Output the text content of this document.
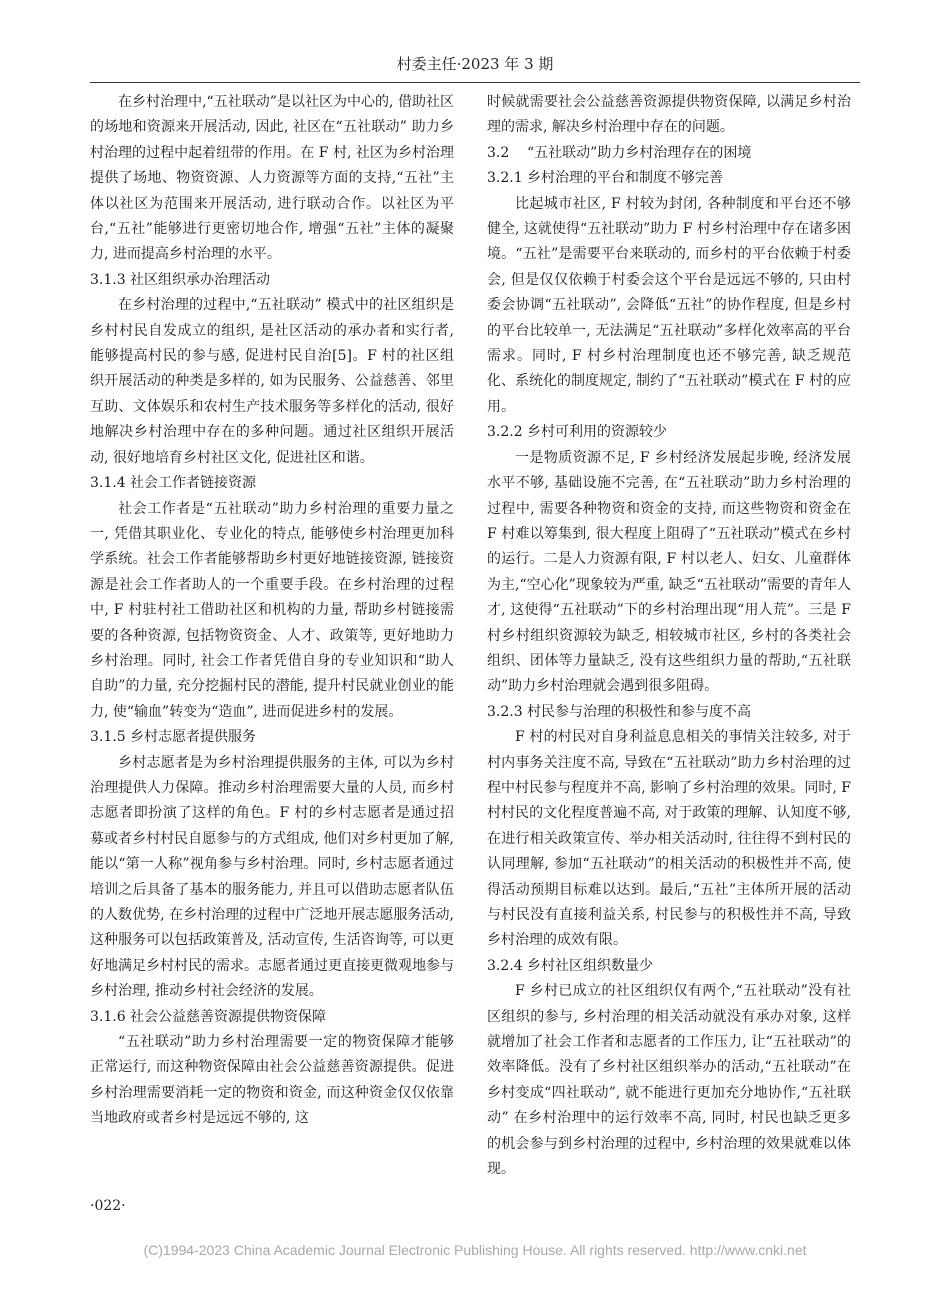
村委主任·2023 年 3 期

在乡村治理中,“五社联动”是以社区为中心的, 借助社区的场地和资源来开展活动, 因此, 社区在“五社联动” 助力乡村治理的过程中起着纽带的作用。在 F 村, 社区为乡村治理提供了场地、物资资源、人力资源等方面的支持,“五社”主体以社区为范围来开展活动, 进行联动合作。以社区为平台,“五社”能够进行更密切地合作, 增强“五社”主体的凝聚力, 进而提高乡村治理的水平。

3.1.3 社区组织承办治理活动

在乡村治理的过程中,“五社联动” 模式中的社区组织是乡村村民自发成立的组织, 是社区活动的承办者和实行者, 能够提高村民的参与感, 促进村民自治[5]。F 村的社区组织开展活动的种类是多样的, 如为民服务、公益慈善、邻里互助、文体娱乐和农村生产技术服务等多样化的活动, 很好地解决乡村治理中存在的多种问题。通过社区组织开展活动, 很好地培育乡村社区文化, 促进社区和谐。

3.1.4 社会工作者链接资源

社会工作者是“五社联动”助力乡村治理的重要力量之一, 凭借其职业化、专业化的特点, 能够使乡村治理更加科学系统。社会工作者能够帮助乡村更好地链接资源, 链接资源是社会工作者助人的一个重要手段。在乡村治理的过程中, F 村驻村社工借助社区和机构的力量, 帮助乡村链接需要的各种资源, 包括物资资金、人才、政策等, 更好地助力乡村治理。同时, 社会工作者凭借自身的专业知识和“助人自助”的力量, 充分挖掘村民的潜能, 提升村民就业创业的能力, 使“输血”转变为“造血”, 进而促进乡村的发展。

3.1.5 乡村志愿者提供服务

乡村志愿者是为乡村治理提供服务的主体, 可以为乡村治理提供人力保障。推动乡村治理需要大量的人员, 而乡村志愿者即扮演了这样的角色。F 村的乡村志愿者是通过招募或者乡村村民自愿参与的方式组成, 他们对乡村更加了解, 能以“第一人称”视角参与乡村治理。同时, 乡村志愿者通过培训之后具备了基本的服务能力, 并且可以借助志愿者队伍的人数优势, 在乡村治理的过程中广泛地开展志愿服务活动, 这种服务可以包括政策普及, 活动宣传, 生活咨询等, 可以更好地满足乡村村民的需求。志愿者通过更直接更微观地参与乡村治理, 推动乡村社会经济的发展。

3.1.6 社会公益慈善资源提供物资保障

“五社联动”助力乡村治理需要一定的物资保障才能够正常运行, 而这种物资保障由社会公益慈善资源提供。促进乡村治理需要消耗一定的物资和资金, 而这种资金仅仅依靠当地政府或者乡村是远远不够的, 这

时候就需要社会公益慈善资源提供物资保障, 以满足乡村治理的需求, 解决乡村治理中存在的问题。

3.2 “五社联动”助力乡村治理存在的困境
3.2.1 乡村治理的平台和制度不够完善

比起城市社区, F 村较为封闭, 各种制度和平台还不够健全, 这就使得“五社联动”助力 F 村乡村治理中存在诸多困境。“五社”是需要平台来联动的, 而乡村的平台依赖于村委会, 但是仅仅依赖于村委会这个平台是远远不够的, 只由村委会协调“五社联动”, 会降低“五社”的协作程度, 但是乡村的平台比较单一, 无法满足“五社联动”多样化效率高的平台需求。同时, F 村乡村治理制度也还不够完善, 缺乏规范化、系统化的制度规定, 制约了“五社联动”模式在 F 村的应用。

3.2.2 乡村可利用的资源较少

一是物质资源不足, F 乡村经济发展起步晚, 经济发展水平不够, 基础设施不完善, 在“五社联动”助力乡村治理的过程中, 需要各种物资和资金的支持, 而这些物资和资金在 F 村难以筹集到, 很大程度上阻碍了“五社联动”模式在乡村的运行。二是人力资源有限, F 村以老人、妇女、儿童群体为主,“空心化”现象较为严重, 缺乏“五社联动”需要的青年人才, 这使得“五社联动”下的乡村治理出现“用人荒”。三是 F 村乡村组织资源较为缺乏, 相较城市社区, 乡村的各类社会组织、团体等力量缺乏, 没有这些组织力量的帮助,“五社联动”助力乡村治理就会遇到很多阻碍。

3.2.3 村民参与治理的积极性和参与度不高

F 村的村民对自身利益息息相关的事情关注较多, 对于村内事务关注度不高, 导致在“五社联动”助力乡村治理的过程中村民参与程度并不高, 影响了乡村治理的效果。同时, F 村村民的文化程度普遍不高, 对于政策的理解、认知度不够, 在进行相关政策宣传、举办相关活动时, 往往得不到村民的认同理解, 参加“五社联动”的相关活动的积极性并不高, 使得活动预期目标难以达到。最后,“五社”主体所开展的活动与村民没有直接利益关系, 村民参与的积极性并不高, 导致乡村治理的成效有限。

3.2.4 乡村社区组织数量少

F 乡村已成立的社区组织仅有两个,“五社联动”没有社区组织的参与, 乡村治理的相关活动就没有承办对象, 这样就增加了社会工作者和志愿者的工作压力, 让“五社联动”的效率降低。没有了乡村社区组织举办的活动,“五社联动”在乡村变成“四社联动”, 就不能进行更加充分地协作,“五社联动” 在乡村治理中的运行效率不高, 同时, 村民也缺乏更多的机会参与到乡村治理的过程中, 乡村治理的效果就难以体现。

·022·
(C)1994-2023 China Academic Journal Electronic Publishing House. All rights reserved. http://www.cnki.net
